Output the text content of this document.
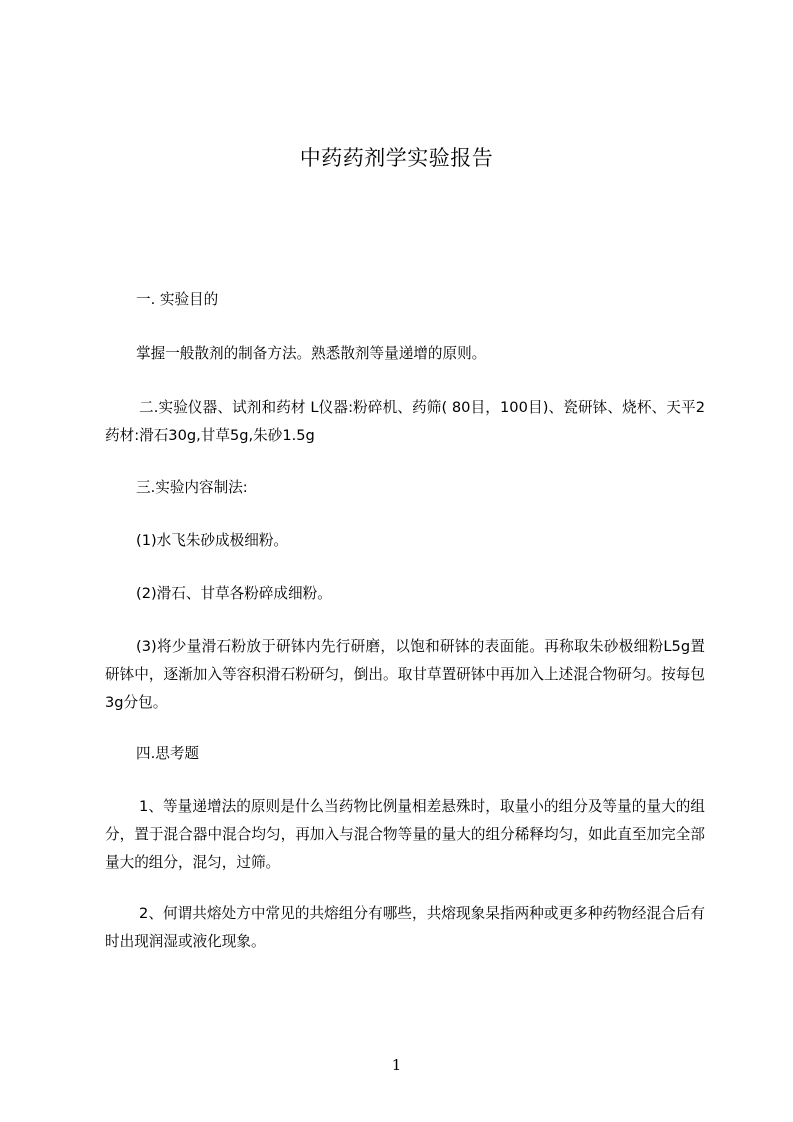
中药药剂学实验报告
一. 实验目的
掌握一般散剂的制备方法。熟悉散剂等量递增的原则。
二.实验仪器、试剂和药材 L仪器:粉碎机、药筛( 80目，100目)、瓷研钵、烧杯、天平2药材:滑石30g,甘草5g,朱砂1.5g
三.实验内容制法:
(1)水飞朱砂成极细粉。
(2)滑石、甘草各粉碎成细粉。
(3)将少量滑石粉放于研钵内先行研磨，以饱和研钵的表面能。再称取朱砂极细粉L5g置研钵中，逐渐加入等容积滑石粉研匀，倒出。取甘草置研钵中再加入上述混合物研匀。按每包3g分包。
四.思考题
1、等量递增法的原则是什么当药物比例量相差悬殊时，取量小的组分及等量的量大的组分，置于混合器中混合均匀，再加入与混合物等量的量大的组分稀释均匀，如此直至加完全部量大的组分，混匀，过筛。
2、何谓共熔处方中常见的共熔组分有哪些，共熔现象杲指两种或更多种药物经混合后有时出现润湿或液化现象。
1
